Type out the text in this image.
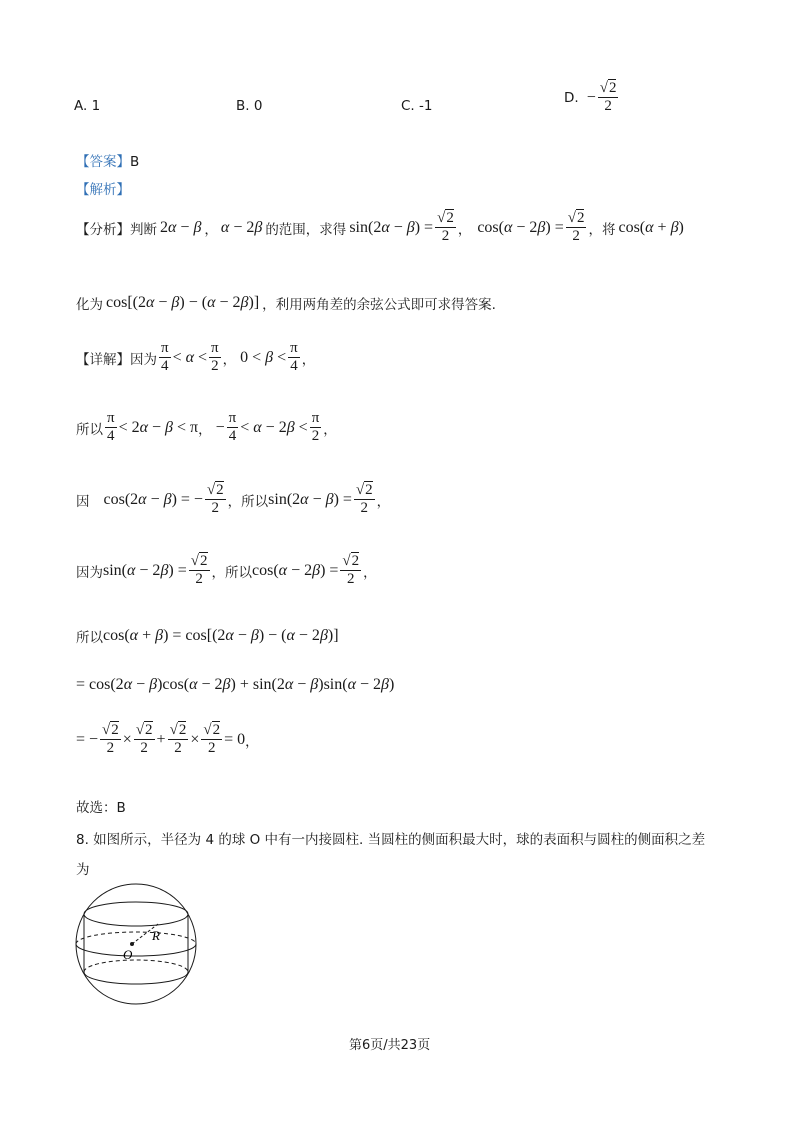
A. 1	B. 0	C. -1
D. − $\frac{√2}{2}$
【答案】B
【解析】
【分析】 判断 2α − β ， α − 2β 的范围，求得 $\sin(2\alpha - \beta) = \frac{√2}{2}$ ， $\cos(\alpha - 2\beta) = \frac{√2}{2}$ ，将 cos(α + β)
化为 cos[(2α − β) − (α − 2β)] ，利用两角差的余弦公式即可求得答案.
【详解】 因为 $\frac{\pi}{4} < \alpha < \frac{\pi}{2}$ ， $0 < \beta < \frac{\pi}{4}$ ，
所以 $\frac{\pi}{4} < 2\alpha - \beta < \pi$ ， − $\frac{\pi}{4} < \alpha - 2\beta < \frac{\pi}{2}$ ，
因 cos(2α − β) = − $\frac{√2}{2}$ ，所以 $\sin(2\alpha - \beta) = \frac{√2}{2}$ ，
因为 $\sin(\alpha - 2\beta) = \frac{√2}{2}$ ，所以 $\cos(\alpha - 2\beta) = \frac{√2}{2}$ ，
所以 cos(α + β) = cos[(2α − β) − (α − 2β)]
= cos(2α − β)cos(α − 2β) + sin(2α − β)sin(α − 2β)
= − $\frac{√2}{2} \times \frac{√2}{2} + \frac{√2}{2} \times \frac{√2}{2} = 0$ ，
故选：B
8. 如图所示，半径为 4 的球 O 中有一内接圆柱. 当圆柱的侧面积最大时，球的表面积与圆柱的侧面积之差
为
R
O
第6页/共23页
